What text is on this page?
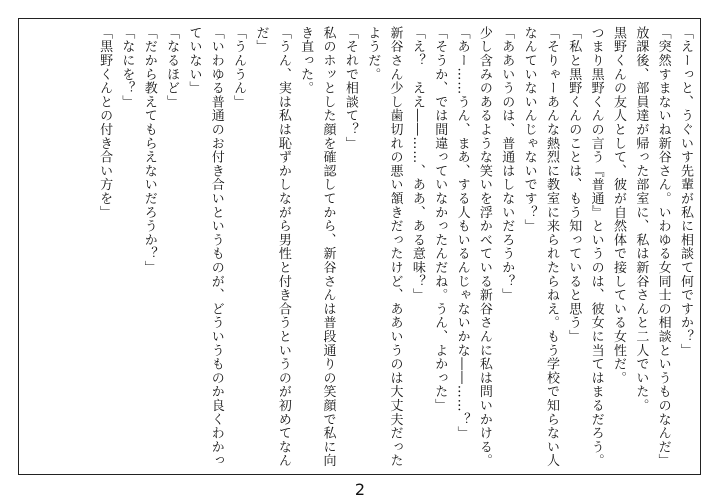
「えーっと、うぐいす先輩が私に相談て何ですか？」
「突然すまないね新谷さん。いわゆる女同士の相談というものなんだ」
放課後、部員達が帰った部室に、私は新谷さんと二人でいた。
黒野くんの友人として、彼が自然体で接している女性だ。
つまり黒野くんの言う『普通』というのは、彼女に当てはまるだろう。
「私と黒野くんのことは、もう知っていると思う」
「そりゃーあんな熱烈に教室に来られたらねえ。もう学校で知らない人
なんていないんじゃないです？」
「ああいうのは、普通はしないだろうか？」
少し含みのあるような笑いを浮かべている新谷さんに私は問いかける。
「あー……うん、まあ、する人もいるんじゃないかな――……？」
「そうか、では間違っていなかったんだね。うん、よかった」
「え？　ええ――……、ああ、ある意味？」
新谷さん少し歯切れの悪い頷きだったけど、ああいうのは大丈夫だった
ようだ。
「それで相談て？」
私のホッとした顔を確認してから、新谷さんは普段通りの笑顔で私に向
き直った。
「うん、実は私は恥ずかしながら男性と付き合うというのが初めてなん
だ」
「うんうん」
「いわゆる普通のお付き合いというものが、どういうものか良くわかっ
ていない」
「なるほど」
「だから教えてもらえないだろうか？」
「なにを？」
「黒野くんとの付き合い方を」
2
